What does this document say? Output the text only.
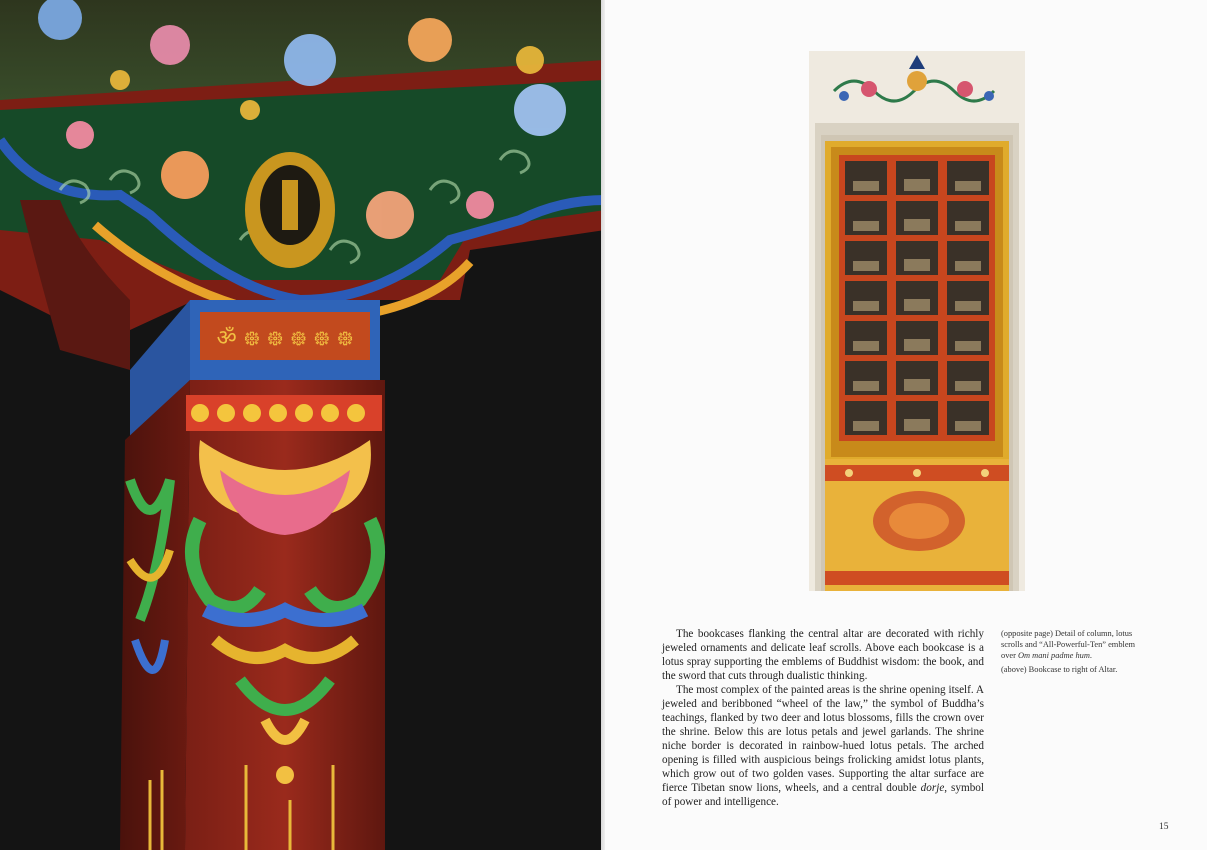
ॐ ᪥ ᪥ ᪥ ᪥ ᪥

The bookcases flanking the central altar are decorated with richly jeweled ornaments and delicate leaf scrolls. Above each bookcase is a lotus spray supporting the emblems of Buddhist wisdom: the book, and the sword that cuts through dualistic thinking.

The most complex of the painted areas is the shrine opening itself. A jeweled and beribboned “wheel of the law,” the symbol of Buddha’s teachings, flanked by two deer and lotus blossoms, fills the crown over the shrine. Below this are lotus petals and jewel garlands. The shrine niche border is decorated in rainbow-hued lotus petals. The arched opening is filled with auspicious beings frolicking amidst lotus plants, which grow out of two golden vases. Supporting the altar surface are fierce Tibetan snow lions, wheels, and a central double dorje, symbol of power and intelligence.

(opposite page) Detail of column, lotus scrolls and “All-Powerful-Ten” emblem over Om mani padme hum.

(above) Bookcase to right of Altar.

15
